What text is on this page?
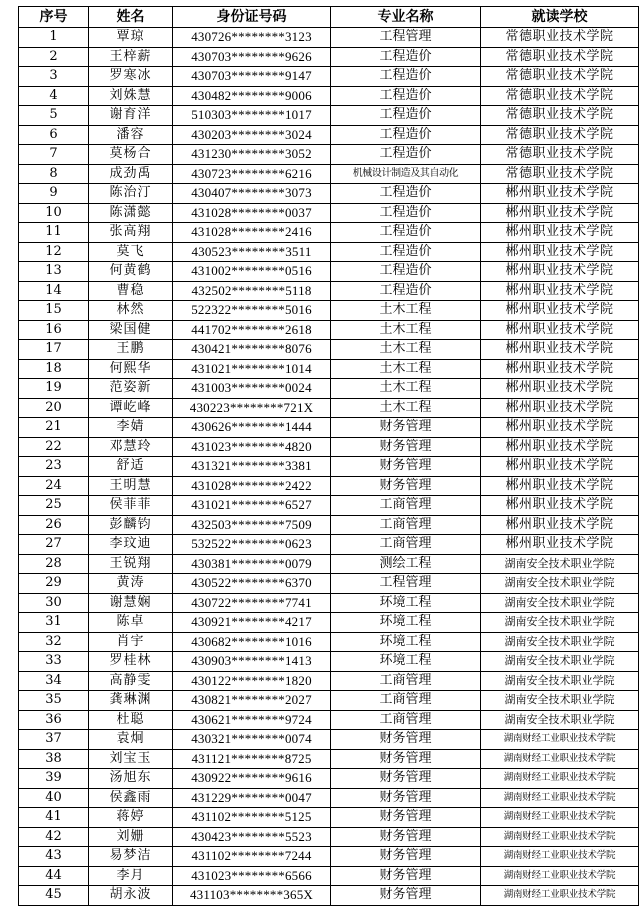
序号	姓名	身份证号码	专业名称	就读学校
1	覃琼	430726********3123	工程管理	常德职业技术学院
2	王梓薪	430703********9626	工程造价	常德职业技术学院
3	罗寒冰	430703********9147	工程造价	常德职业技术学院
4	刘姝慧	430482********9006	工程造价	常德职业技术学院
5	谢育洋	510303********1017	工程造价	常德职业技术学院
6	潘容	430203********3024	工程造价	常德职业技术学院
7	莫杨合	431230********3052	工程造价	常德职业技术学院
8	成劲禹	430723********6216	机械设计制造及其自动化	常德职业技术学院
9	陈治汀	430407********3073	工程造价	郴州职业技术学院
10	陈潇懿	431028********0037	工程造价	郴州职业技术学院
11	张高翔	431028********2416	工程造价	郴州职业技术学院
12	莫飞	430523********3511	工程造价	郴州职业技术学院
13	何黄鹤	431002********0516	工程造价	郴州职业技术学院
14	曹稳	432502********5118	工程造价	郴州职业技术学院
15	林然	522322********5016	土木工程	郴州职业技术学院
16	梁国健	441702********2618	土木工程	郴州职业技术学院
17	王鹏	430421********8076	土木工程	郴州职业技术学院
18	何熙华	431021********1014	土木工程	郴州职业技术学院
19	范姿新	431003********0024	土木工程	郴州职业技术学院
20	谭屹峰	430223********721X	土木工程	郴州职业技术学院
21	李婧	430626********1444	财务管理	郴州职业技术学院
22	邓慧玲	431023********4820	财务管理	郴州职业技术学院
23	舒适	431321********3381	财务管理	郴州职业技术学院
24	王明慧	431028********2422	财务管理	郴州职业技术学院
25	侯菲菲	431021********6527	工商管理	郴州职业技术学院
26	彭麟钧	432503********7509	工商管理	郴州职业技术学院
27	李玟迪	532522********0623	工商管理	郴州职业技术学院
28	王锐翔	430381********0079	测绘工程	湖南安全技术职业学院
29	黄涛	430522********6370	工程管理	湖南安全技术职业学院
30	谢慧娴	430722********7741	环境工程	湖南安全技术职业学院
31	陈卓	430921********4217	环境工程	湖南安全技术职业学院
32	肖宇	430682********1016	环境工程	湖南安全技术职业学院
33	罗桂林	430903********1413	环境工程	湖南安全技术职业学院
34	高静雯	430122********1820	工商管理	湖南安全技术职业学院
35	龚琳渊	430821********2027	工商管理	湖南安全技术职业学院
36	杜聪	430621********9724	工商管理	湖南安全技术职业学院
37	袁炯	430321********0074	财务管理	湖南财经工业职业技术学院
38	刘宝玉	431121********8725	财务管理	湖南财经工业职业技术学院
39	汤旭东	430922********9616	财务管理	湖南财经工业职业技术学院
40	侯鑫雨	431229********0047	财务管理	湖南财经工业职业技术学院
41	蒋婷	431102********5125	财务管理	湖南财经工业职业技术学院
42	刘姗	430423********5523	财务管理	湖南财经工业职业技术学院
43	易梦洁	431102********7244	财务管理	湖南财经工业职业技术学院
44	李月	431023********6566	财务管理	湖南财经工业职业技术学院
45	胡永波	431103********365X	财务管理	湖南财经工业职业技术学院
